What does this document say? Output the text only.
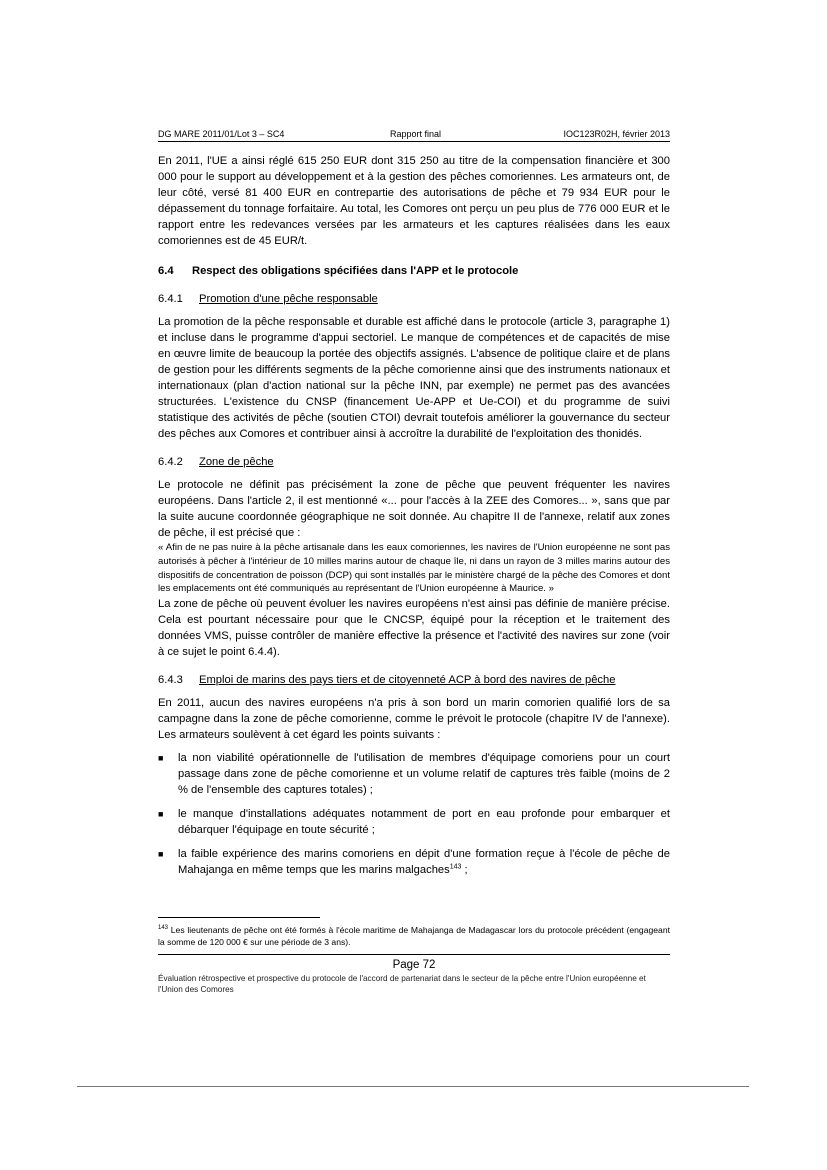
DG MARE 2011/01/Lot 3 – SC4	Rapport final	IOC123R02H, février 2013

En 2011, l'UE a ainsi réglé 615 250 EUR dont 315 250 au titre de la compensation financière et 300 000 pour le support au développement et à la gestion des pêches comoriennes. Les armateurs ont, de leur côté, versé 81 400 EUR en contrepartie des autorisations de pêche et 79 934 EUR pour le dépassement du tonnage forfaitaire. Au total, les Comores ont perçu un peu plus de 776 000 EUR et le rapport entre les redevances versées par les armateurs et les captures réalisées dans les eaux comoriennes est de 45 EUR/t.

6.4	Respect des obligations spécifiées dans l'APP et le protocole
6.4.1	Promotion d'une pêche responsable

La promotion de la pêche responsable et durable est affiché dans le protocole (article 3, paragraphe 1) et incluse dans le programme d'appui sectoriel. Le manque de compétences et de capacités de mise en œuvre limite de beaucoup la portée des objectifs assignés. L'absence de politique claire et de plans de gestion pour les différents segments de la pêche comorienne ainsi que des instruments nationaux et internationaux (plan d'action national sur la pêche INN, par exemple) ne permet pas des avancées structurées. L'existence du CNSP (financement Ue-APP et Ue-COI) et du programme de suivi statistique des activités de pêche (soutien CTOI) devrait toutefois améliorer la gouvernance du secteur des pêches aux Comores et contribuer ainsi à accroître la durabilité de l'exploitation des thonidés.

6.4.2	Zone de pêche

Le protocole ne définit pas précisément la zone de pêche que peuvent fréquenter les navires européens. Dans l'article 2, il est mentionné «... pour l'accès à la ZEE des Comores... », sans que par la suite aucune coordonnée géographique ne soit donnée. Au chapitre II de l'annexe, relatif aux zones de pêche, il est précisé que :

« Afin de ne pas nuire à la pêche artisanale dans les eaux comoriennes, les navires de l'Union européenne ne sont pas autorisés à pêcher à l'intérieur de 10 milles marins autour de chaque île, ni dans un rayon de 3 milles marins autour des dispositifs de concentration de poisson (DCP) qui sont installés par le ministère chargé de la pêche des Comores et dont les emplacements ont été communiqués au représentant de l'Union européenne à Maurice. »

La zone de pêche où peuvent évoluer les navires européens n'est ainsi pas définie de manière précise. Cela est pourtant nécessaire pour que le CNCSP, équipé pour la réception et le traitement des données VMS, puisse contrôler de manière effective la présence et l'activité des navires sur zone (voir à ce sujet le point 6.4.4).

6.4.3	Emploi de marins des pays tiers et de citoyenneté ACP à bord des navires de pêche

En 2011, aucun des navires européens n'a pris à son bord un marin comorien qualifié lors de sa campagne dans la zone de pêche comorienne, comme le prévoit le protocole (chapitre IV de l'annexe). Les armateurs soulèvent à cet égard les points suivants :

■	la non viabilité opérationnelle de l'utilisation de membres d'équipage comoriens pour un court passage dans zone de pêche comorienne et un volume relatif de captures très faible (moins de 2 % de l'ensemble des captures totales) ;
■	le manque d'installations adéquates notamment de port en eau profonde pour embarquer et débarquer l'équipage en toute sécurité ;
■	la faible expérience des marins comoriens en dépit d'une formation reçue à l'école de pêche de Mahajanga en même temps que les marins malgaches$^{143}$ ;
$^{143}$ Les lieutenants de pêche ont été formés à l'école maritime de Mahajanga de Madagascar lors du protocole précédent (engageant la somme de 120 000 € sur une période de 3 ans).
Page 72
Évaluation rétrospective et prospective du protocole de l'accord de partenariat dans le secteur de la pêche entre l'Union européenne et l'Union des Comores
